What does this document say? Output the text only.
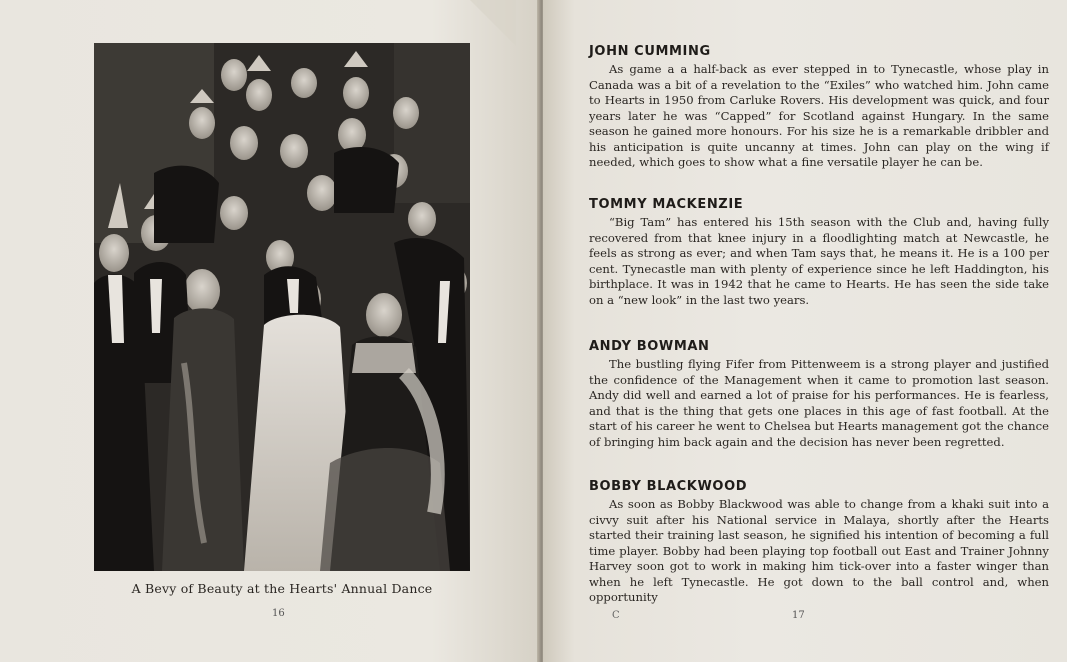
A Bevy of Beauty at the Hearts' Annual Dance
16
JOHN CUMMING

As game a a half-back as ever stepped in to Tynecastle, whose play in Canada was a bit of a revelation to the “Exiles” who watched him. John came to Hearts in 1950 from Carluke Rovers. His development was quick, and four years later he was “Capped” for Scotland against Hungary. In the same season he gained more honours. For his size he is a remarkable dribbler and his anticipation is quite uncanny at times. John can play on the wing if needed, which goes to show what a fine versatile player he can be.

TOMMY MACKENZIE

“Big Tam” has entered his 15th season with the Club and, having fully recovered from that knee injury in a floodlighting match at Newcastle, he feels as strong as ever; and when Tam says that, he means it. He is a 100 per cent. Tynecastle man with plenty of experience since he left Haddington, his birthplace. It was in 1942 that he came to Hearts. He has seen the side take on a “new look” in the last two years.

ANDY BOWMAN

The bustling flying Fifer from Pittenweem is a strong player and justified the confidence of the Management when it came to promotion last season. Andy did well and earned a lot of praise for his performances. He is fearless, and that is the thing that gets one places in this age of fast football. At the start of his career he went to Chelsea but Hearts management got the chance of bringing him back again and the decision has never been regretted.

BOBBY BLACKWOOD

As soon as Bobby Blackwood was able to change from a khaki suit into a civvy suit after his National service in Malaya, shortly after the Hearts started their training last season, he signified his intention of becoming a full time player. Bobby had been playing top football out East and Trainer Johnny Harvey soon got to work in making him tick-over into a faster winger than when he left Tynecastle. He got down to the ball control and, when opportunity

C	17
